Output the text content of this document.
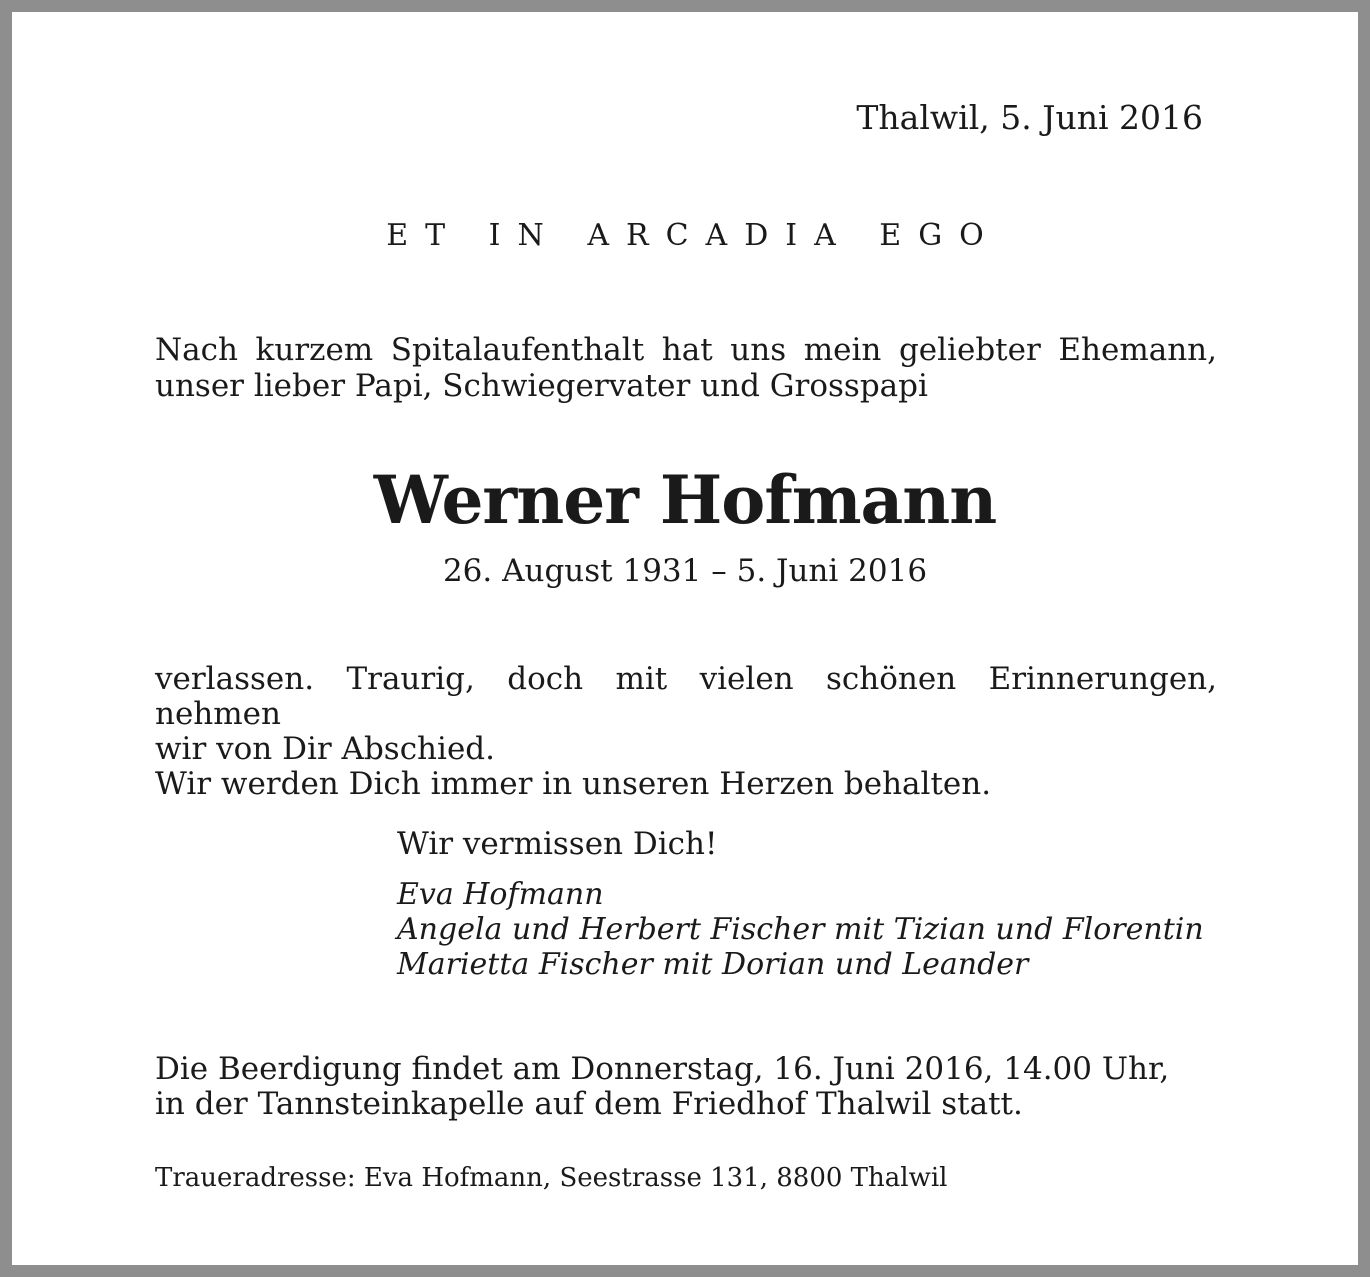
Thalwil, 5. Juni 2016

ET IN ARCADIA EGO

Nach kurzem Spitalaufenthalt hat uns mein geliebter Ehemann,
unser lieber Papi, Schwiegervater und Grosspapi
Werner Hofmann

26. August 1931 – 5. Juni 2016

verlassen. Traurig, doch mit vielen schönen Erinnerungen, nehmen
wir von Dir Abschied.
Wir werden Dich immer in unseren Herzen behalten.

Wir vermissen Dich!

Eva Hofmann
Angela und Herbert Fischer mit Tizian und Florentin
Marietta Fischer mit Dorian und Leander
Die Beerdigung findet am Donnerstag, 16. Juni 2016, 14.00 Uhr,
in der Tannsteinkapelle auf dem Friedhof Thalwil statt.

Traueradresse: Eva Hofmann, Seestrasse 131, 8800 Thalwil
